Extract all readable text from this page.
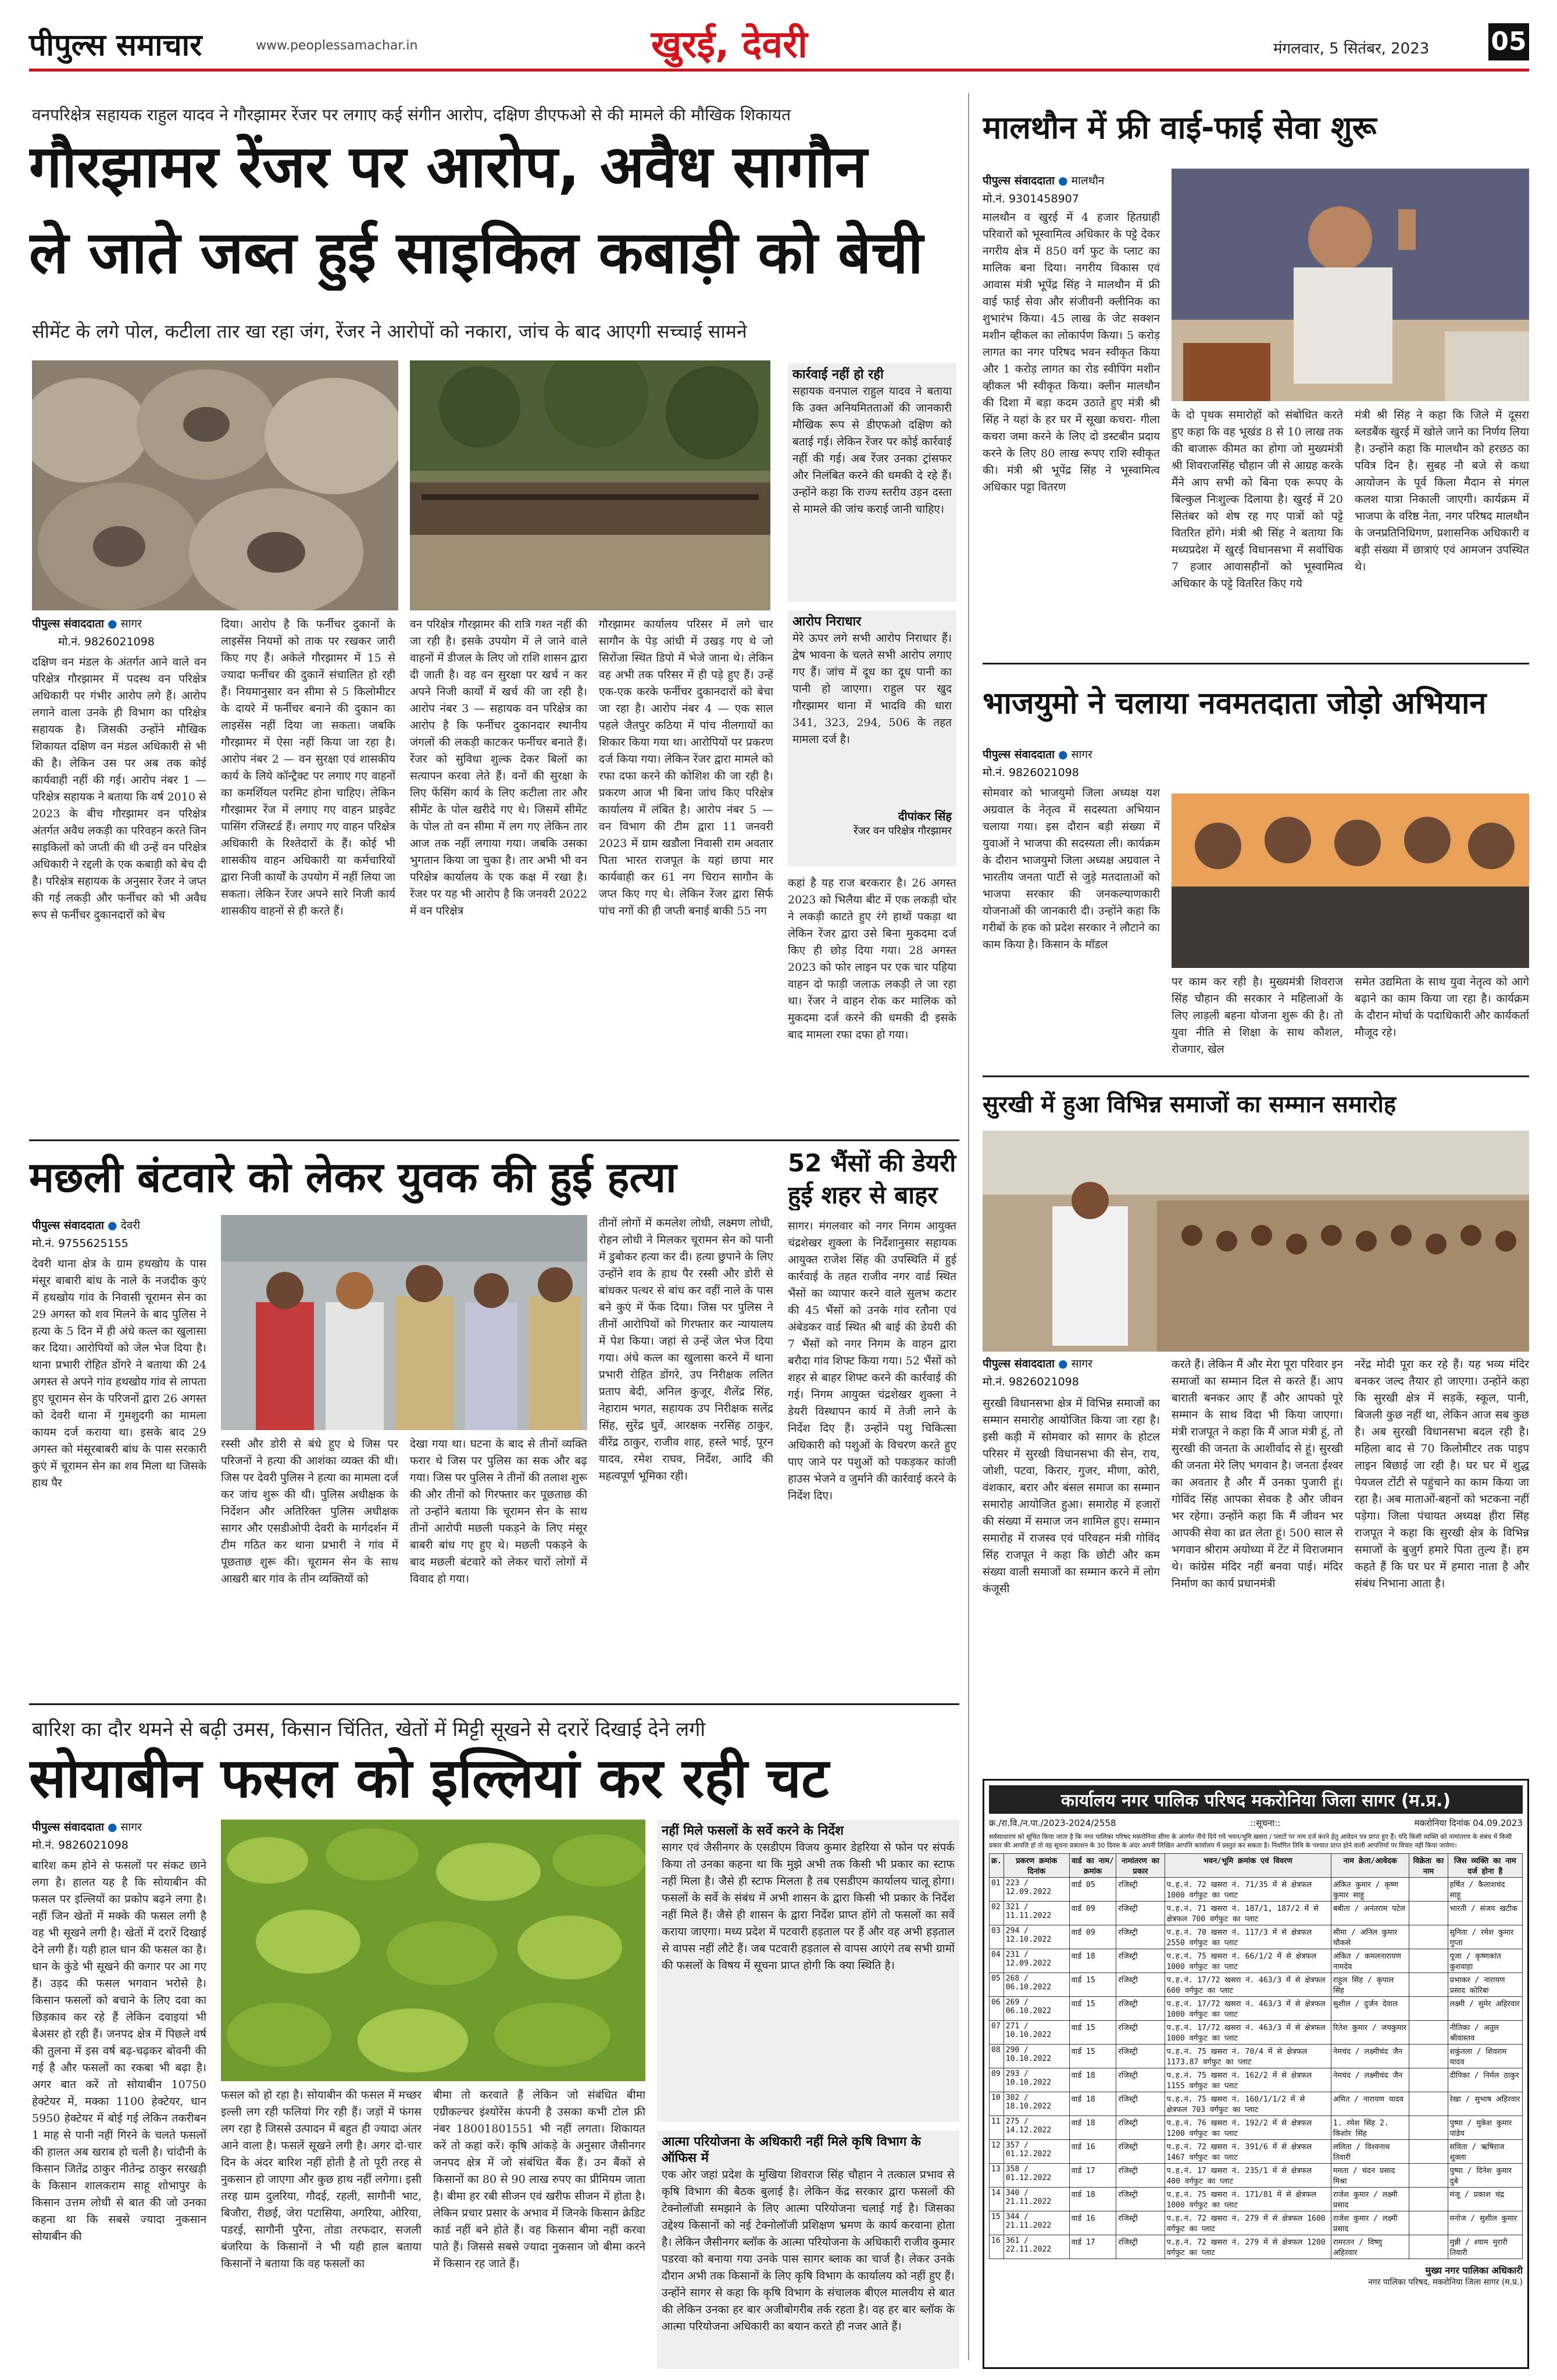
पीपुल्स समाचार	www.peoplessamachar.in	खुरई, देवरी	मंगलवार, 5 सितंबर, 2023 05
वनपरिक्षेत्र सहायक राहुल यादव ने गौरझामर रेंजर पर लगाए कई संगीन आरोप, दक्षिण डीएफओ से की मामले की मौखिक शिकायत
गौरझामर रेंजर पर आरोप, अवैध सागौन
ले जाते जब्त हुई साइकिल कबाड़ी को बेची
सीमेंट के लगे पोल, कटीला तार खा रहा जंग, रेंजर ने आरोपों को नकारा, जांच के बाद आएगी सच्चाई सामने
पीपुल्स संवाददाता ● सागर
मो.नं. 9826021098
दक्षिण वन मंडल के अंतर्गत आने वाले वन परिक्षेत्र गौरझामर में पदस्थ वन परिक्षेत्र अधिकारी पर गंभीर आरोप लगे हैं। आरोप लगाने वाला उनके ही विभाग का परिक्षेत्र सहायक है। जिसकी उन्होंने मौखिक शिकायत दक्षिण वन मंडल अधिकारी से भी की है। लेकिन उस पर अब तक कोई कार्यवाही नहीं की गई। आरोप नंबर 1 — परिक्षेत्र सहायक ने बताया कि वर्ष 2010 से 2023 के बीच गौरझामर वन परिक्षेत्र अंतर्गत अवैध लकड़ी का परिवहन करते जिन साइकिलों को जप्ती की थी उन्हें वन परिक्षेत्र अधिकारी ने रद्दली के एक कबाड़ी को बेच दी है। परिक्षेत्र सहायक के अनुसार रेंजर ने जप्त की गई लकड़ी और फर्नीचर को भी अवैध रूप से फर्नीचर दुकानदारों को बेच
दिया। आरोप है कि फर्नीचर दुकानों के लाइसेंस नियमों को ताक पर रखकर जारी किए गए हैं। अकेले गौरझामर में 15 से ज्यादा फर्नीचर की दुकानें संचालित हो रही हैं। नियमानुसार वन सीमा से 5 किलोमीटर के दायरे में फर्नीचर बनाने की दुकान का लाइसेंस नहीं दिया जा सकता। जबकि गौरझामर में ऐसा नहीं किया जा रहा है। आरोप नंबर 2 — वन सुरक्षा एवं शासकीय कार्य के लिये कॉन्ट्रैक्ट पर लगाए गए वाहनों का कमर्शियल परमिट होना चाहिए। लेकिन गौरझामर रेंज में लगाए गए वाहन प्राइवेट पासिंग रजिस्टर्ड हैं। लगाए गए वाहन परिक्षेत्र अधिकारी के रिश्तेदारों के हैं। कोई भी शासकीय वाहन अधिकारी या कर्मचारियों द्वारा निजी कार्यों के उपयोग में नहीं लिया जा सकता। लेकिन रेंजर अपने सारे निजी कार्य शासकीय वाहनों से ही करते हैं।
वन परिक्षेत्र गौरझामर की रात्रि गश्त नहीं की जा रही है। इसके उपयोग में ले जाने वाले वाहनों में डीजल के लिए जो राशि शासन द्वारा दी जाती है। वह वन सुरक्षा पर खर्च न कर अपने निजी कार्यों में खर्च की जा रही है। आरोप नंबर 3 — सहायक वन परिक्षेत्र का आरोप है कि फर्नीचर दुकानदार स्थानीय जंगलों की लकड़ी काटकर फर्नीचर बनाते हैं। रेंजर को सुविधा शुल्क देकर बिलों का सत्यापन करवा लेते हैं। वनों की सुरक्षा के लिए फेंसिंग कार्य के लिए कटीला तार और सीमेंट के पोल खरीदे गए थे। जिसमें सीमेंट के पोल तो वन सीमा में लग गए लेकिन तार आज तक नहीं लगाया गया। जबकि उसका भुगतान किया जा चुका है। तार अभी भी वन परिक्षेत्र कार्यालय के एक कक्ष में रखा है। रेंजर पर यह भी आरोप है कि जनवरी 2022 में वन परिक्षेत्र
गौरझामर कार्यालय परिसर में लगे चार सागौन के पेड़ आंधी में उखड़ गए थे जो सिरोंजा स्थित डिपो में भेजे जाना थे। लेकिन वह अभी तक परिसर में ही पड़े हुए हैं। उन्हें एक-एक करके फर्नीचर दुकानदारों को बेचा जा रहा है। आरोप नंबर 4 — एक साल पहले जैतपुर कठिया में पांच नीलगायों का शिकार किया गया था। आरोपियों पर प्रकरण दर्ज किया गया। लेकिन रेंजर द्वारा मामले को रफा दफा करने की कोशिश की जा रही है। प्रकरण आज भी बिना जांच किए परिक्षेत्र कार्यालय में लंबित है। आरोप नंबर 5 — वन विभाग की टीम द्वारा 11 जनवरी 2023 में ग्राम खडौला निवासी राम अवतार पिता भारत राजपूत के यहां छापा मार कार्यवाही कर 61 नग चिरान सागौन के जप्त किए गए थे। लेकिन रेंजर द्वारा सिर्फ पांच नगों की ही जप्ती बनाई बाकी 55 नग
कार्रवाई नहीं हो रही
सहायक वनपाल राहुल यादव ने बताया कि उक्त अनियमितताओं की जानकारी मौखिक रूप से डीएफओ दक्षिण को बताई गई। लेकिन रेंजर पर कोई कार्रवाई नहीं की गई। अब रेंजर उनका ट्रांसफर और निलंबित करने की धमकी दे रहे हैं। उन्होंने कहा कि राज्य स्तरीय उड़न दस्ता से मामले की जांच कराई जानी चाहिए।
आरोप निराधार
मेरे ऊपर लगे सभी आरोप निराधार हैं। द्वेष भावना के चलते सभी आरोप लगाए गए हैं। जांच में दूध का दूध पानी का पानी हो जाएगा। राहुल पर खुद गौरझामर थाना में भादवि की धारा 341, 323, 294, 506 के तहत मामला दर्ज है।
दीपांकर सिंह
रेंजर वन परिक्षेत्र गौरझामर
कहां है यह राज बरकरार है। 26 अगस्त 2023 को भिलैया बीट में एक लकड़ी चोर ने लकड़ी काटते हुए रंगे हाथों पकड़ा था लेकिन रेंजर द्वारा उसे बिना मुकदमा दर्ज किए ही छोड़ दिया गया। 28 अगस्त 2023 को फोर लाइन पर एक चार पहिया वाहन दो फाड़ी जलाऊ लकड़ी ले जा रहा था। रेंजर ने वाहन रोक कर मालिक को मुकदमा दर्ज करने की धमकी दी इसके बाद मामला रफा दफा हो गया।
मालथौन में फ्री वाई-फाई सेवा शुरू
पीपुल्स संवाददाता ● मालथौन
मो.नं. 9301458907
मालथौन व खुरई में 4 हजार हितग्राही परिवारों को भूस्वामित्व अधिकार के पट्टे देकर नगरीय क्षेत्र में 850 वर्ग फुट के प्लाट का मालिक बना दिया। नगरीय विकास एवं आवास मंत्री भूपेंद्र सिंह ने मालथौन में फ्री वाई फाई सेवा और संजीवनी क्लीनिक का शुभारंभ किया। 45 लाख के जेट सक्शन मशीन व्हीकल का लोकार्पण किया। 5 करोड़ लागत का नगर परिषद भवन स्वीकृत किया और 1 करोड़ लागत का रोड स्वीपिंग मशीन व्हीकल भी स्वीकृत किया। क्लीन मालथौन की दिशा में बड़ा कदम उठाते हुए मंत्री श्री सिंह ने यहां के हर घर में सूखा कचरा- गीला कचरा जमा करने के लिए दो डस्टबीन प्रदाय करने के लिए 80 लाख रूपए राशि स्वीकृत की। मंत्री श्री भूपेंद्र सिंह ने भूस्वामित्व अधिकार पट्टा वितरण
के दो पृथक समारोहों को संबोधित करते हुए कहा कि वह भूखंड 8 से 10 लाख तक की बाजारू कीमत का होगा जो मुख्यमंत्री श्री शिवराजसिंह चौहान जी से आग्रह करके मैंने आप सभी को बिना एक रूपए के बिल्कुल निःशुल्क दिलाया है। खुरई में 20 सितंबर को शेष रह गए पात्रों को पट्टे वितरित होंगे। मंत्री श्री सिंह ने बताया कि मध्यप्रदेश में खुरई विधानसभा में सर्वाधिक 7 हजार आवासहीनों को भूस्वामित्व अधिकार के पट्टे वितरित किए गये
मंत्री श्री सिंह ने कहा कि जिले में दूसरा ब्लडबैंक खुरई में खोले जाने का निर्णय लिया है। उन्होंने कहा कि मालथौन को हरछठ का पवित्र दिन है। सुबह नौ बजे से कथा आयोजन के पूर्व किला मैदान से मंगल कलश यात्रा निकाली जाएगी। कार्यक्रम में भाजपा के वरिष्ठ नेता, नगर परिषद मालथौन के जनप्रतिनिधिगण, प्रशासनिक अधिकारी व बड़ी संख्या में छात्राएं एवं आमजन उपस्थित थे।
भाजयुमो ने चलाया नवमतदाता जोड़ो अभियान
पीपुल्स संवाददाता ● सागर
मो.नं. 9826021098
सोमवार को भाजयुमो जिला अध्यक्ष यश अग्रवाल के नेतृत्व में सदस्यता अभियान चलाया गया। इस दौरान बड़ी संख्या में युवाओं ने भाजपा की सदस्यता ली। कार्यक्रम के दौरान भाजयुमो जिला अध्यक्ष अग्रवाल ने भारतीय जनता पार्टी से जुड़े मतदाताओं को भाजपा सरकार की जनकल्याणकारी योजनाओं की जानकारी दी। उन्होंने कहा कि गरीबों के हक को प्रदेश सरकार ने लौटाने का काम किया है। किसान के मॉडल
पर काम कर रही है। मुख्यमंत्री शिवराज सिंह चौहान की सरकार ने महिलाओं के लिए लाड़ली बहना योजना शुरू की है। तो युवा नीति से शिक्षा के साथ कौशल, रोजगार, खेल
समेत उद्यमिता के साथ युवा नेतृत्व को आगे बढ़ाने का काम किया जा रहा है। कार्यक्रम के दौरान मोर्चा के पदाधिकारी और कार्यकर्ता मौजूद रहे।
सुरखी में हुआ विभिन्न समाजों का सम्मान समारोह
पीपुल्स संवाददाता ● सागर
मो.नं. 9826021098
सुरखी विधानसभा क्षेत्र में विभिन्न समाजों का सम्मान समारोह आयोजित किया जा रहा है। इसी कड़ी में सोमवार को सागर के होटल परिसर में सुरखी विधानसभा की सेन, राय, जोशी, पटवा, किरार, गुजर, मीणा, कोरी, वंशकार, बरार और बंसल समाज का सम्मान समारोह आयोजित हुआ। समारोह में हजारों की संख्या में समाज जन शामिल हुए। सम्मान समारोह में राजस्व एवं परिवहन मंत्री गोविंद सिंह राजपूत ने कहा कि छोटी और कम संख्या वाली समाजों का सम्मान करने में लोग कंजूसी
करते हैं। लेकिन मैं और मेरा पूरा परिवार इन समाजों का सम्मान दिल से करते हैं। आप बाराती बनकर आए हैं और आपको पूरे सम्मान के साथ विदा भी किया जाएगा। मंत्री राजपूत ने कहा कि मैं आज मंत्री हूं, तो सुरखी की जनता के आशीर्वाद से हूं। सुरखी की जनता मेरे लिए भगवान है। जनता ईश्वर का अवतार है और मैं उनका पुजारी हूं। गोविंद सिंह आपका सेवक है और जीवन भर रहेगा। उन्होंने कहा कि मैं जीवन भर आपकी सेवा का व्रत लेता हूं। 500 साल से भगवान श्रीराम अयोध्या में टेंट में विराजमान थे। कांग्रेस मंदिर नहीं बनवा पाई। मंदिर निर्माण का कार्य प्रधानमंत्री
नरेंद्र मोदी पूरा कर रहे हैं। यह भव्य मंदिर बनकर जल्द तैयार हो जाएगा। उन्होंने कहा कि सुरखी क्षेत्र में सड़कें, स्कूल, पानी, बिजली कुछ नहीं था, लेकिन आज सब कुछ है। अब सुरखी विधानसभा बदल रही है। महिला बाद से 70 किलोमीटर तक पाइप लाइन बिछाई जा रही है। घर घर में शुद्ध पेयजल टोंटी से पहुंचाने का काम किया जा रहा है। अब माताओं-बहनों को भटकना नहीं पड़ेगा। जिला पंचायत अध्यक्ष हीरा सिंह राजपूत ने कहा कि सुरखी क्षेत्र के विभिन्न समाजों के बुजुर्ग हमारे पिता तुल्य हैं। हम कहते हैं कि घर घर में हमारा नाता है और संबंध निभाना आता है।
मछली बंटवारे को लेकर युवक की हुई हत्या
पीपुल्स संवाददाता ● देवरी
मो.नं. 9755625155
देवरी थाना क्षेत्र के ग्राम हथखोय के पास मंसूर बाबारी बांध के नाले के नजदीक कुएं में हथखोय गांव के निवासी चूरामन सेन का 29 अगस्त को शव मिलने के बाद पुलिस ने हत्या के 5 दिन में ही अंधे कत्ल का खुलासा कर दिया। आरोपियों को जेल भेज दिया है। थाना प्रभारी रोहित डोंगरे ने बताया की 24 अगस्त से अपने गांव हथखोय गांव से लापता हुए चूरामन सेन के परिजनों द्वारा 26 अगस्त को देवरी थाना में गुमशुदगी का मामला कायम दर्ज कराया था। इसके बाद 29 अगस्त को मंसूरबाबरी बांध के पास सरकारी कुएं में चूरामन सेन का शव मिला था जिसके हाथ पैर
रस्सी और डोरी से बंधे हुए थे जिस पर परिजनों ने हत्या की आशंका व्यक्त की थी। जिस पर देवरी पुलिस ने हत्या का मामला दर्ज कर जांच शुरू की थी। पुलिस अधीक्षक के निर्देशन और अतिरिक्त पुलिस अधीक्षक सागर और एसडीओपी देवरी के मार्गदर्शन में टीम गठित कर थाना प्रभारी ने गांव में पूछताछ शुरू की। चूरामन सेन के साथ आखरी बार गांव के तीन व्यक्तियों को
देखा गया था। घटना के बाद से तीनों व्यक्ति फरार थे जिस पर पुलिस का सक और बढ़ गया। जिस पर पुलिस ने तीनों की तलाश शुरू की और तीनों को गिरफ्तार कर पूछताछ की तो उन्होंने बताया कि चूरामन सेन के साथ तीनों आरोपी मछली पकड़ने के लिए मंसूर बाबरी बांध गए हुए थे। मछली पकड़ने के बाद मछली बंटवारे को लेकर चारों लोगों में विवाद हो गया।
तीनों लोगों में कमलेश लोधी, लक्ष्मण लोधी, रोहन लोधी ने मिलकर चूरामन सेन को पानी में डुबोकर हत्या कर दी। हत्या छुपाने के लिए उन्होंने शव के हाथ पैर रस्सी और डोरी से बांधकर पत्थर से बांध कर वहीं नाले के पास बने कुएं में फेंक दिया। जिस पर पुलिस ने तीनों आरोपियों को गिरफ्तार कर न्यायालय में पेश किया। जहां से उन्हें जेल भेज दिया गया। अंधे कत्ल का खुलासा करने में थाना प्रभारी रोहित डोंगरे, उप निरीक्षक ललित प्रताप बेदी, अनिल कुजूर, शैलेंद्र सिंह, नेहाराम भगत, सहायक उप निरीक्षक सलेंद्र सिंह, सुरेंद्र धुर्वे, आरक्षक नरसिंह ठाकुर, वीरेंद्र ठाकुर, राजीव शाह, हस्ले भाई, पूरन यादव, रमेश राघव, निर्देश, आदि की महत्वपूर्ण भूमिका रही।
52 भैंसों की डेयरी
हुई शहर से बाहर
सागर। मंगलवार को नगर निगम आयुक्त चंद्रशेखर शुक्ला के निर्देशानुसार सहायक आयुक्त राजेश सिंह की उपस्थिति में हुई कार्रवाई के तहत राजीव नगर वार्ड स्थित भैंसों का व्यापार करने वाले सुलभ कटार की 45 भैंसों को उनके गांव रतौना एवं अंबेडकर वार्ड स्थित श्री बाई की डेयरी की 7 भैंसों को नगर निगम के वाहन द्वारा बरौदा गांव शिफ्ट किया गया। 52 भैंसों को शहर से बाहर शिफ्ट करने की कार्रवाई की गई। निगम आयुक्त चंद्रशेखर शुक्ला ने डेयरी विस्थापन कार्य में तेजी लाने के निर्देश दिए हैं। उन्होंने पशु चिकित्सा अधिकारी को पशुओं के विचरण करते हुए पाए जाने पर पशुओं को पकड़कर कांजी हाउस भेजने व जुर्माने की कार्रवाई करने के निर्देश दिए।
बारिश का दौर थमने से बढ़ी उमस, किसान चिंतित, खेतों में मिट्टी सूखने से दरारें दिखाई देने लगी
सोयाबीन फसल को इल्लियां कर रही चट
पीपुल्स संवाददाता ● सागर
मो.नं. 9826021098
बारिश कम होने से फसलों पर संकट छाने लगा है। हालत यह है कि सोयाबीन की फसल पर इल्लियों का प्रकोप बढ़ने लगा है। नहीं जिन खेतों में मक्के की फसल लगी है वह भी सूखने लगी है। खेतों में दरारें दिखाई देने लगी हैं। यही हाल धान की फसल का है। धान के कुंडे भी सूखने की कगार पर आ गए हैं। उड़द की फसल भगवान भरोसे है। किसान फसलों को बचाने के लिए दवा का छिड़काव कर रहे हैं लेकिन दवाइयां भी बेअसर हो रही हैं। जनपद क्षेत्र में पिछले वर्ष की तुलना में इस वर्ष बढ़-चढ़कर बोवनी की गई है और फसलों का रकबा भी बढ़ा है। अगर बात करें तो सोयाबीन 10750 हेक्टेयर में, मक्का 1100 हेक्टेयर, धान 5950 हेक्टेयर में बोई गई लेकिन तकरीबन 1 माह से पानी नहीं गिरने के चलते फसलों की हालत अब खराब हो चली है। चांदौनी के किसान जितेंद्र ठाकुर नीतेन्द्र ठाकुर सरखड़ी के किसान शालकराम साहू शोभापुर के किसान उत्तम लोधी से बात की जो उनका कहना था कि सबसे ज्यादा नुकसान सोयाबीन की
फसल को हो रहा है। सोयाबीन की फसल में मच्छर इल्ली लग रही फलियां गिर रही हैं। जड़ों में फंगस लग रहा है जिससे उत्पादन में बहुत ही ज्यादा अंतर आने वाला है। फसलें सूखने लगी है। अगर दो-चार दिन के अंदर बारिश नहीं होती है तो पूरी तरह से नुकसान हो जाएगा और कुछ हाथ नहीं लगेगा। इसी तरह ग्राम दुलरिया, गौदई, रहली, सागौनी भाट, बिजौरा, रीछई, जेरा पटासिया, अगरिया, ओरिया, पडरई, सागौनी पुरैना, तोडा तरफदार, सजली बंजरिया के किसानों ने भी यही हाल बताया किसानों ने बताया कि वह फसलों का
बीमा तो करवाते हैं लेकिन जो संबंधित बीमा एग्रीकल्चर इंश्योरेंस कंपनी है उसका कभी टोल फ्री नंबर 18001801551 भी नहीं लगता। शिकायत करें तो कहां करें। कृषि आंकड़े के अनुसार जैसीनगर जनपद क्षेत्र में जो संबंधित बैंक हैं। उन बैंकों से किसानों का 80 से 90 लाख रुपए का प्रीमियम जाता है। बीमा हर रबी सीजन एवं खरीफ सीजन में होता है। लेकिन प्रचार प्रसार के अभाव में जिनके किसान क्रेडिट कार्ड नहीं बने होते हैं। वह किसान बीमा नहीं करवा पाते हैं। जिससे सबसे ज्यादा नुकसान जो बीमा करने में किसान रह जाते हैं।
नहीं मिले फसलों के सर्वे करने के निर्देश
सागर एवं जैसीनगर के एसडीएम विजय कुमार डेहरिया से फोन पर संपर्क किया तो उनका कहना था कि मुझे अभी तक किसी भी प्रकार का स्टाफ नहीं मिला है। जैसे ही स्टाफ मिलता है तब एसडीएम कार्यालय चालू होगा। फसलों के सर्वे के संबंध में अभी शासन के द्वारा किसी भी प्रकार के निर्देश नहीं मिले हैं। जैसे ही शासन के द्वारा निर्देश प्राप्त होंगे तो फसलों का सर्वे कराया जाएगा। मध्य प्रदेश में पटवारी हड़ताल पर हैं और वह अभी हड़ताल से वापस नहीं लौटे हैं। जब पटवारी हड़ताल से वापस आएंगे तब सभी ग्रामों की फसलों के विषय में सूचना प्राप्त होगी कि क्या स्थिति है।
आत्मा परियोजना के अधिकारी नहीं मिले कृषि विभाग के ऑफिस में
एक ओर जहां प्रदेश के मुखिया शिवराज सिंह चौहान ने तत्काल प्रभाव से कृषि विभाग की बैठक बुलाई है। लेकिन केंद्र सरकार द्वारा फसलों की टेक्नोलॉजी समझाने के लिए आत्मा परियोजना चलाई गई है। जिसका उद्देश्य किसानों को नई टेक्नोलॉजी प्रशिक्षण भ्रमण के कार्य करवाना होता है। लेकिन जैसीनगर ब्लॉक के आत्मा परियोजना के अधिकारी राजीव कुमार पडरवा को बनाया गया उनके पास सागर ब्लाक का चार्ज है। लेकर उनके दौरान अभी तक किसानों के लिए कृषि विभाग के कार्यालय को नहीं हुए हैं। उन्होंने सागर से कहा कि कृषि विभाग के संचालक बीएल मालवीय से बात की लेकिन उनका हर बार अजीबोगरीब तर्क रहता है। वह हर बार ब्लॉक के आत्मा परियोजना अधिकारी का बयान करते ही नजर आते हैं।
कार्यालय नगर पालिक परिषद मकरोनिया जिला सागर (म.प्र.)
क्र./रा.वि./न.पा./2023-2024/2558	::सूचना::	मकरोनिया दिनांक 04.09.2023
सर्वसाधारण को सूचित किया जाता है कि नगर पालिका परिषद मकरोनिया सीमा के अंतर्गत नीचे दिये गये भवन/भूमि खसरा / प्लाटों पर नाम दर्ज करने हेतु आवेदन पत्र प्राप्त हुए हैं। यदि किसी व्यक्ति को नामांतरण के संबंध में किसी प्रकार की आपत्ति हो तो वह सूचना प्रकाशन के 30 दिवस के अंदर अपनी लिखित आपत्ति कार्यालय में प्रस्तुत कर सकता है। निर्धारित तिथि के पश्चात प्राप्त होने वाली आपत्तियों पर विचार नहीं किया जावेगा।
क्र.	प्रकरण क्रमांक दिनांक	वार्ड का नाम/क्रमांक	नामांतरण का प्रकार	भवन/भूमि क्रमांक एवं विवरण	नाम क्रेता/आवेदक	विक्रेता का नाम	जिस व्यक्ति का नाम दर्ज होना है
01	223 / 12.09.2022	वार्ड 05	रजिस्ट्री	प.ह.नं. 72 खसरा नं. 71/35 में से क्षेत्रफल 1000 वर्गफुट का प्लाट	अंकित कुमार / कृष्ण कुमार साहू		हर्षित / कैलाशचंद साहू
02	321 / 11.11.2022	वार्ड 09	रजिस्ट्री	प.ह.नं. 71 खसरा नं. 187/1, 187/2 में से क्षेत्रफल 700 वर्गफुट का प्लाट	बबीता / अनंतराम पटेल		भारती / संजय खटीक
03	294 / 12.10.2022	वार्ड 09	रजिस्ट्री	प.ह.नं. 70 खसरा नं. 117/3 में से क्षेत्रफल 2550 वर्गफुट का प्लाट	सीमा / अनिल कुमार चौकसे		सुनिता / रमेश कुमार गुप्ता
04	231 / 12.09.2022	वार्ड 18	रजिस्ट्री	प.ह.नं. 75 खसरा नं. 66/1/2 में से क्षेत्रफल 1000 वर्गफुट का प्लाट	अंकित / कमलनारायण नामदेव		पूजा / कृष्णकांत कुशवाहा
05	268 / 06.10.2022	वार्ड 15	रजिस्ट्री	प.ह.नं. 17/72 खसरा नं. 463/3 में से क्षेत्रफल 600 वर्गफुट का प्लाट	राहुल सिंह / कृपाल सिंह		प्रभाकर / नारायण प्रसाद कोरिबा
06	269 / 06.10.2022	वार्ड 15	रजिस्ट्री	प.ह.नं. 17/72 खसरा नं. 463/3 में से क्षेत्रफल 1000 वर्गफुट का प्लाट	सुशील / दुर्जन देवाल		लक्ष्मी / सुमेर अहिरवार
07	271 / 10.10.2022	वार्ड 15	रजिस्ट्री	प.ह.नं. 17/72 खसरा नं. 463/3 में से क्षेत्रफल 1000 वर्गफुट का प्लाट	रितेश कुमार / जयकुमार		नीतिका / अतुल श्रीवास्तव
08	290 / 10.10.2022	वार्ड 15	रजिस्ट्री	प.ह.नं. 75 खसरा नं. 70/4 में से क्षेत्रफल 1173.87 वर्गफुट का प्लाट	नेमचंद / लक्ष्मीचंद जैन		शकुंतला / शिवराम यादव
09	293 / 10.10.2022	वार्ड 18	रजिस्ट्री	प.ह.नं. 75 खसरा नं. 162/2 में से क्षेत्रफल 1155 वर्गफुट का प्लाट	नेमचंद / लक्ष्मीचंद जैन		दीपिका / निर्मल ठाकुर
10	302 / 18.10.2022	वार्ड 18	रजिस्ट्री	प.ह.नं. 75 खसरा नं. 160/1/1/2 में से क्षेत्रफल 703 वर्गफुट का प्लाट	अमित / नारायण यादव		रेखा / सुभाष अहिरवार
11	275 / 14.12.2022	वार्ड 18	रजिस्ट्री	प.ह.नं. 76 खसरा नं. 192/2 में से क्षेत्रफल 1200 वर्गफुट का प्लाट	1. रमेश सिंह 2. किशोर सिंह		पुष्पा / मुकेश कुमार पांडेय
12	357 / 01.12.2022	वार्ड 16	रजिस्ट्री	प.ह.नं. 72 खसरा नं. 391/6 में से क्षेत्रफल 1467 वर्गफुट का प्लाट	ललिता / विश्वनाथ तिवारी		सविता / ऋषिराज शुक्ला
13	358 / 01.12.2022	वार्ड 17	रजिस्ट्री	प.ह.नं. 17 खसरा नं. 235/1 में से क्षेत्रफल 400 वर्गफुट का प्लाट	ममता / चंदन प्रसाद मिश्रा		पुष्पा / दिनेश कुमार दुबे
14	340 / 21.11.2022	वार्ड 18	रजिस्ट्री	प.ह.नं. 75 खसरा नं. 171/81 में से क्षेत्रफल 1000 वर्गफुट का प्लाट	राजेश कुमार / लक्ष्मी प्रसाद		मंजू / प्रकाश चंद्र
15	344 / 21.11.2022	वार्ड 16	रजिस्ट्री	प.ह.नं. 72 खसरा नं. 279 में से क्षेत्रफल 1600 वर्गफुट का प्लाट	राजेश कुमार / लक्ष्मी प्रसाद		मनोज / सुशील कुमार
16	361 / 22.11.2022	वार्ड 17	रजिस्ट्री	प.ह.नं. 72 खसरा नं. 279 में से क्षेत्रफल 1200 वर्गफुट का प्लाट	रामरतन / विष्णु अहिरवार		मुन्नी / श्याम मुरारी तिवारी
मुख्य नगर पालिका अधिकारी
नगर पालिका परिषद, मकरोनिया जिला सागर (म.प्र.)
